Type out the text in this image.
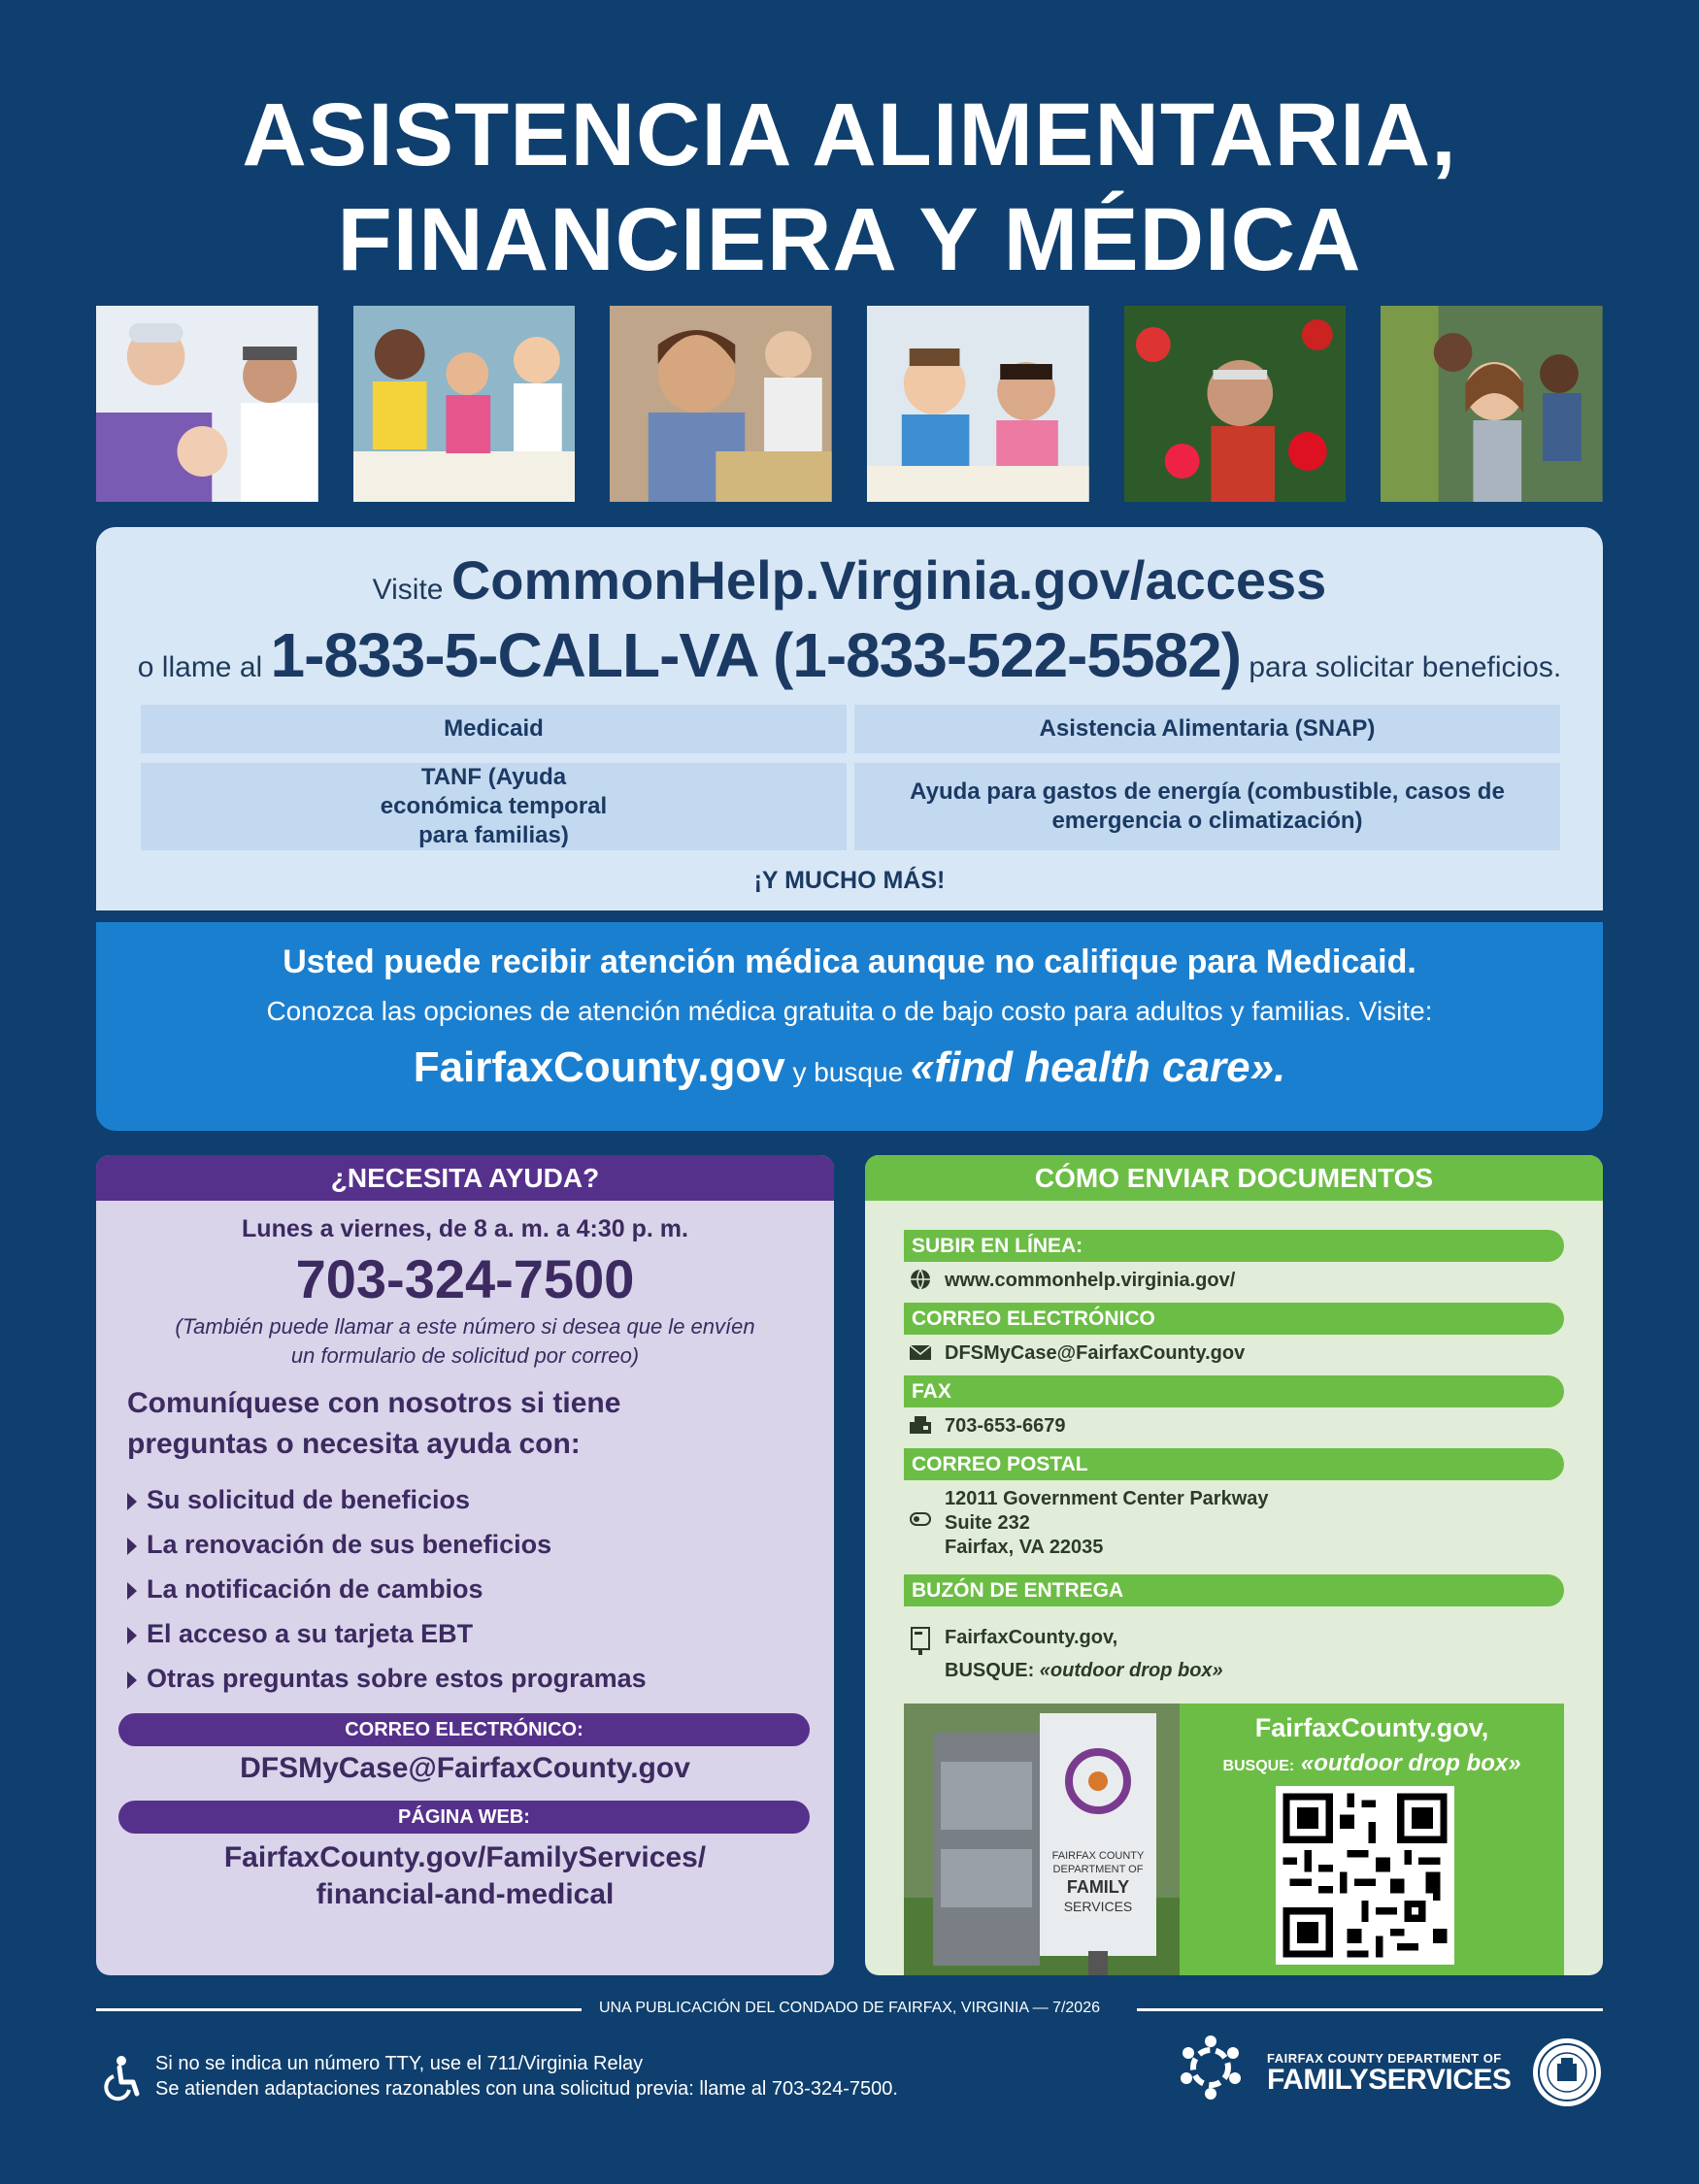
ASISTENCIA ALIMENTARIA,
FINANCIERA Y MÉDICA
Visite CommonHelp.Virginia.gov/access
o llame al 1-833-5-CALL-VA (1-833-522-5582) para solicitar beneficios.
Medicaid	Asistencia Alimentaria (SNAP)
TANF (Ayuda económica temporal para familias)
Ayuda para gastos de energía (combustible, casos de emergencia o climatización)
¡Y MUCHO MÁS!
Usted puede recibir atención médica aunque no califique para Medicaid.
Conozca las opciones de atención médica gratuita o de bajo costo para adultos y familias. Visite:
FairfaxCounty.gov y busque «find health care».
¿NECESITA AYUDA?
Lunes a viernes, de 8 a. m. a 4:30 p. m.
703-324-7500
(También puede llamar a este número si desea que le envíen
un formulario de solicitud por correo)
Comuníquese con nosotros si tiene
preguntas o necesita ayuda con:
Su solicitud de beneficios
La renovación de sus beneficios
La notificación de cambios
El acceso a su tarjeta EBT
Otras preguntas sobre estos programas
CORREO ELECTRÓNICO:
DFSMyCase@FairfaxCounty.gov
PÁGINA WEB:
FairfaxCounty.gov/FamilyServices/
financial-and-medical
CÓMO ENVIAR DOCUMENTOS
SUBIR EN LÍNEA:
www.commonhelp.virginia.gov/
CORREO ELECTRÓNICO
DFSMyCase@FairfaxCounty.gov
FAX
703-653-6679
CORREO POSTAL
12011 Government Center Parkway
Suite 232
Fairfax, VA 22035
BUZÓN DE ENTREGA
FairfaxCounty.gov,
BUSQUE: «outdoor drop box»
FAIRFAX COUNTY
DEPARTMENT OF
FAMILY
SERVICES
FairfaxCounty.gov,
BUSQUE: «outdoor drop box»
UNA PUBLICACIÓN DEL CONDADO DE FAIRFAX, VIRGINIA — 7/2026
Si no se indica un número TTY, use el 711/Virginia Relay
Se atienden adaptaciones razonables con una solicitud previa: llame al 703-324-7500.
FAIRFAX COUNTY DEPARTMENT OF
FAMILYSERVICES
